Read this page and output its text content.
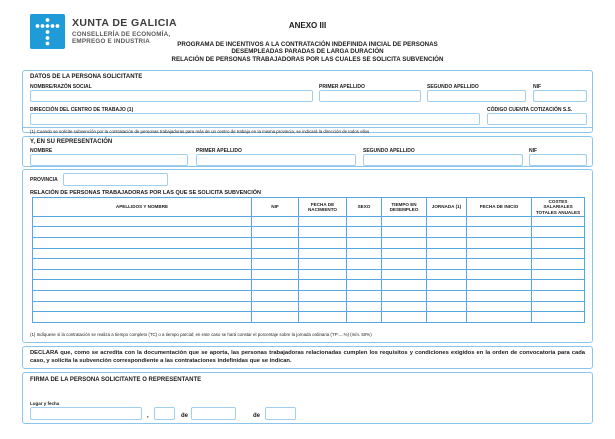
XUNTA DE GALICIA
CONSELLERÍA DE ECONOMÍA,
EMPREGO E INDUSTRIA
ANEXO III
PROGRAMA DE INCENTIVOS A LA CONTRATACIÓN INDEFINIDA INICIAL DE PERSONAS
DESEMPLEADAS PARADAS DE LARGA DURACIÓN
RELACIÓN DE PERSONAS TRABAJADORAS POR LAS CUALES SE SOLICITA SUBVENCIÓN
DATOS DE LA PERSONA SOLICITANTE
NOMBRE/RAZÓN SOCIAL	PRIMER APELLIDO	SEGUNDO APELLIDO	NIF
DIRECCIÓN DEL CENTRO DE TRABAJO (1)	CÓDIGO CUENTA COTIZACIÓN S.S.
(1) Cuando se solicite subvención por la contratación de personas trabajadoras para más de un centro de trabajo en la misma provincia, se indicará la dirección de todos ellos
Y, EN SU REPRESENTACIÓN
NOMBRE	PRIMER APELLIDO	SEGUNDO APELLIDO	NIF
PROVINCIA
RELACIÓN DE PERSONAS TRABAJADORAS POR LAS QUE SE SOLICITA SUBVENCIÓN
APELLIDOS Y NOMBRE	NIF	FECHA DE NACIMIENTO	SEXO	TIEMPO EN DESEMPLEO	JORNADA (1)	FECHA DE INICIO	COSTES SALARIALES TOTALES ANUALES

(1) Indíquese si la contratación se realiza a tiempo completo (TC) o a tiempo parcial; en este caso se hará constar el porcentaje sobre la jornada ordinaria (TP:....%) (mín. 50%)
DECLARA que, como se acredita con la documentación que se aporta, las personas trabajadoras relacionadas cumplen los requisitos y condiciones exigidos en la orden de convocatoria para cada caso, y solicita la subvención correspondiente a las contrataciones indefinidas que se indican.
FIRMA DE LA PERSONA SOLICITANTE O REPRESENTANTE
Lugar y fecha
,	de	de
